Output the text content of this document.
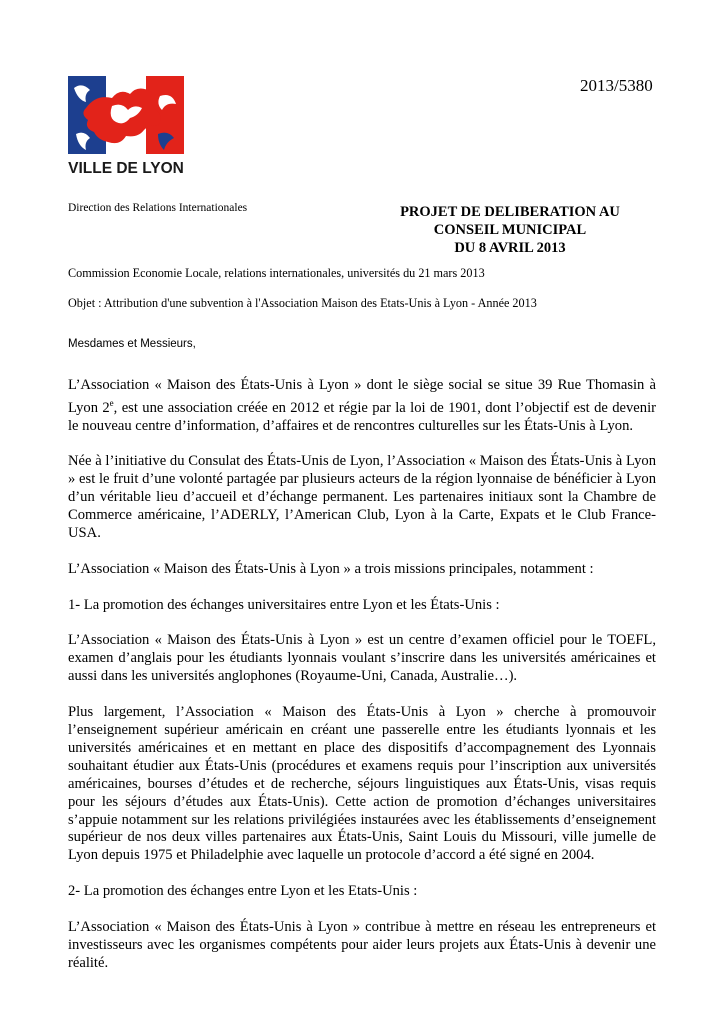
VILLE DE LYON
2013/5380
Direction des Relations Internationales	PROJET DE DELIBERATION AU
CONSEIL MUNICIPAL
DU 8 AVRIL 2013
Commission Economie Locale, relations internationales, universités du 21 mars 2013
Objet : Attribution d'une subvention à l'Association Maison des Etats-Unis à Lyon - Année 2013
Mesdames et Messieurs,

L’Association « Maison des États-Unis à Lyon » dont le siège social se situe 39 Rue Thomasin à Lyon 2e, est une association créée en 2012 et régie par la loi de 1901, dont l’objectif est de devenir le nouveau centre d’information, d’affaires et de rencontres culturelles sur les États-Unis à Lyon.

Née à l’initiative du Consulat des États-Unis de Lyon, l’Association « Maison des États-Unis à Lyon » est le fruit d’une volonté partagée par plusieurs acteurs de la région lyonnaise de bénéficier à Lyon d’un véritable lieu d’accueil et d’échange permanent. Les partenaires initiaux sont la Chambre de Commerce américaine, l’ADERLY, l’American Club, Lyon à la Carte, Expats et le Club France-USA.

L’Association « Maison des États-Unis à Lyon » a trois missions principales, notamment :

1- La promotion des échanges universitaires entre Lyon et les États-Unis :

L’Association « Maison des États-Unis à Lyon » est un centre d’examen officiel pour le TOEFL, examen d’anglais pour les étudiants lyonnais voulant s’inscrire dans les universités américaines et aussi dans les universités anglophones (Royaume-Uni, Canada, Australie…).

Plus largement, l’Association « Maison des États-Unis à Lyon » cherche à promouvoir l’enseignement supérieur américain en créant une passerelle entre les étudiants lyonnais et les universités américaines et en mettant en place des dispositifs d’accompagnement des Lyonnais souhaitant étudier aux États-Unis (procédures et examens requis pour l’inscription aux universités américaines, bourses d’études et de recherche, séjours linguistiques aux États-Unis, visas requis pour les séjours d’études aux États-Unis). Cette action de promotion d’échanges universitaires s’appuie notamment sur les relations privilégiées instaurées avec les établissements d’enseignement supérieur de nos deux villes partenaires aux États-Unis, Saint Louis du Missouri, ville jumelle de Lyon depuis 1975 et Philadelphie avec laquelle un protocole d’accord a été signé en 2004.

2- La promotion des échanges entre Lyon et les Etats-Unis :

L’Association « Maison des États-Unis à Lyon » contribue à mettre en réseau les entrepreneurs et investisseurs avec les organismes compétents pour aider leurs projets aux États-Unis à devenir une réalité.
